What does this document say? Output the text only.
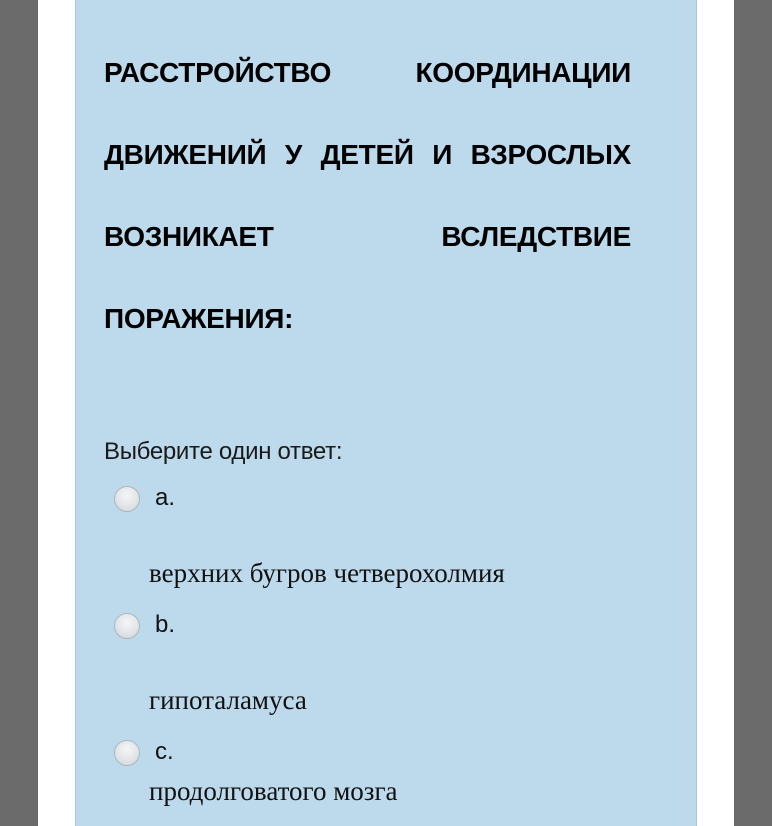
РАССТРОЙСТВО КООРДИНАЦИИ ДВИЖЕНИЙ У ДЕТЕЙ И ВЗРОСЛЫХ ВОЗНИКАЕТ ВСЛЕДСТВИЕ ПОРАЖЕНИЯ:

Выберите один ответ:
a.
верхних бугров четверохолмия
b.
гипоталамуса
c.
продолговатого мозга
